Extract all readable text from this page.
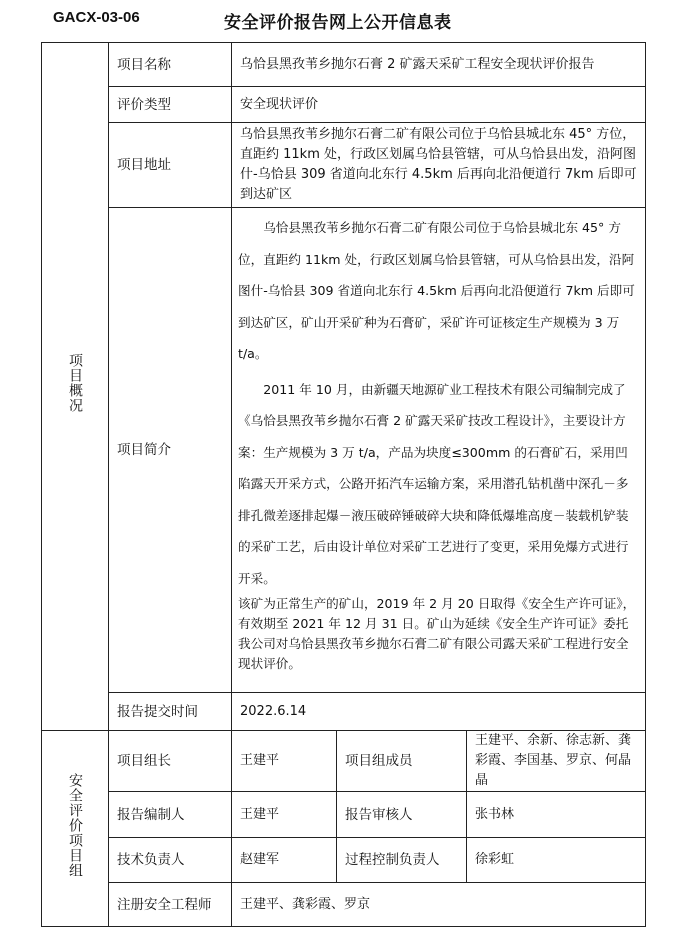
GACX-03-06	安全评价报告网上公开信息表
项目概况	项目名称	乌恰县黑孜苇乡抛尔石膏 2 矿露天采矿工程安全现状评价报告		
	评价类型	安全现状评价		
	项目地址	乌恰县黑孜苇乡抛尔石膏二矿有限公司位于乌恰县城北东 45° 方位，直距约 11km 处，行政区划属乌恰县管辖，可从乌恰县出发，沿阿图什-乌恰县 309 省道向北东行 4.5km 后再向北沿便道行 7km 后即可到达矿区		
	项目简介	乌恰县黑孜苇乡抛尔石膏二矿有限公司位于乌恰县城北东 45° 方位，直距约 11km 处，行政区划属乌恰县管辖，可从乌恰县出发，沿阿图什-乌恰县 309 省道向北东行 4.5km 后再向北沿便道行 7km 后即可到达矿区，矿山开采矿种为石膏矿，采矿许可证核定生产规模为 3 万 t/a。

2011 年 10 月，由新疆天地源矿业工程技术有限公司编制完成了《乌恰县黑孜苇乡抛尔石膏 2 矿露天采矿技改工程设计》，主要设计方案：生产规模为 3 万 t/a，产品为块度≤300mm 的石膏矿石，采用凹陷露天开采方式，公路开拓汽车运输方案，采用潜孔钻机凿中深孔－多排孔微差逐排起爆－液压破碎锤破碎大块和降低爆堆高度－装载机铲装的采矿工艺，后由设计单位对采矿工艺进行了变更，采用免爆方式进行开采。

该矿为正常生产的矿山，2019 年 2 月 20 日取得《安全生产许可证》，有效期至 2021 年 12 月 31 日。矿山为延续《安全生产许可证》委托我公司对乌恰县黑孜苇乡抛尔石膏二矿有限公司露天采矿工程进行安全现状评价。		

	报告提交时间	2022.6.14		

安全评价项目组	项目组长	王建平	项目组成员	王建平、余新、徐志新、龚彩霞、李国基、罗京、何晶晶
	报告编制人	王建平	报告审核人	张书林
	技术负责人	赵建军	过程控制负责人	徐彩虹
	注册安全工程师	王建平、龚彩霞、罗京		
